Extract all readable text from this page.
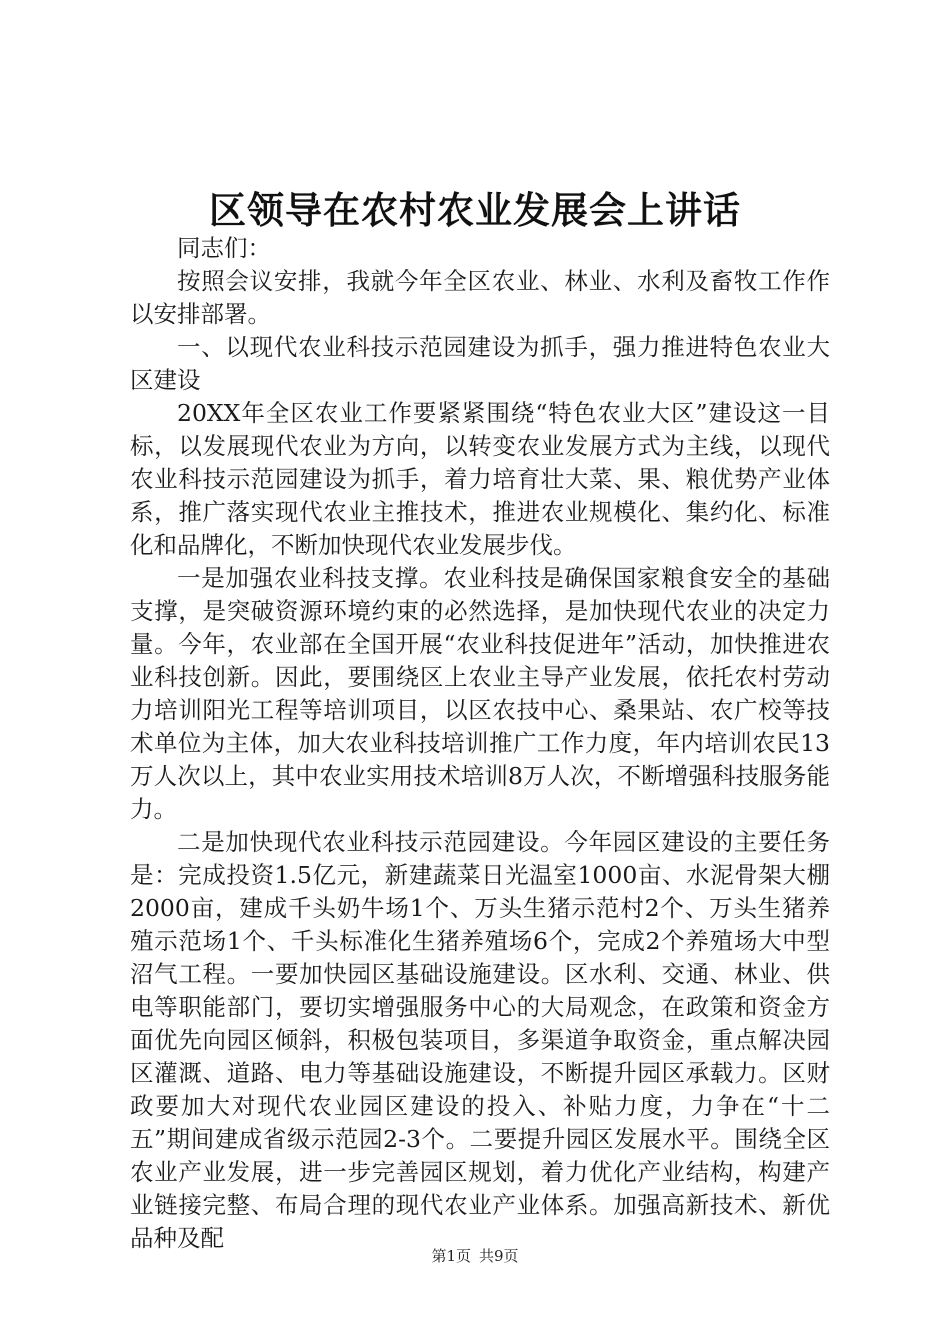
区领导在农村农业发展会上讲话

同志们：

按照会议安排，我就今年全区农业、林业、水利及畜牧工作作以安排部署。

一、以现代农业科技示范园建设为抓手，强力推进特色农业大区建设

20XX年全区农业工作要紧紧围绕“特色农业大区”建设这一目标，以发展现代农业为方向，以转变农业发展方式为主线，以现代农业科技示范园建设为抓手，着力培育壮大菜、果、粮优势产业体系，推广落实现代农业主推技术，推进农业规模化、集约化、标准化和品牌化，不断加快现代农业发展步伐。

一是加强农业科技支撑。农业科技是确保国家粮食安全的基础支撑，是突破资源环境约束的必然选择，是加快现代农业的决定力量。今年，农业部在全国开展“农业科技促进年”活动，加快推进农业科技创新。因此，要围绕区上农业主导产业发展，依托农村劳动力培训阳光工程等培训项目，以区农技中心、桑果站、农广校等技术单位为主体，加大农业科技培训推广工作力度，年内培训农民13万人次以上，其中农业实用技术培训8万人次，不断增强科技服务能力。

二是加快现代农业科技示范园建设。今年园区建设的主要任务是：完成投资1.5亿元，新建蔬菜日光温室1000亩、水泥骨架大棚2000亩，建成千头奶牛场1个、万头生猪示范村2个、万头生猪养殖示范场1个、千头标准化生猪养殖场6个，完成2个养殖场大中型沼气工程。一要加快园区基础设施建设。区水利、交通、林业、供电等职能部门，要切实增强服务中心的大局观念，在政策和资金方面优先向园区倾斜，积极包装项目，多渠道争取资金，重点解决园区灌溉、道路、电力等基础设施建设，不断提升园区承载力。区财政要加大对现代农业园区建设的投入、补贴力度，力争在“十二五”期间建成省级示范园2-3个。二要提升园区发展水平。围绕全区农业产业发展，进一步完善园区规划，着力优化产业结构，构建产业链接完整、布局合理的现代农业产业体系。加强高新技术、新优品种及配

第1页 共9页
